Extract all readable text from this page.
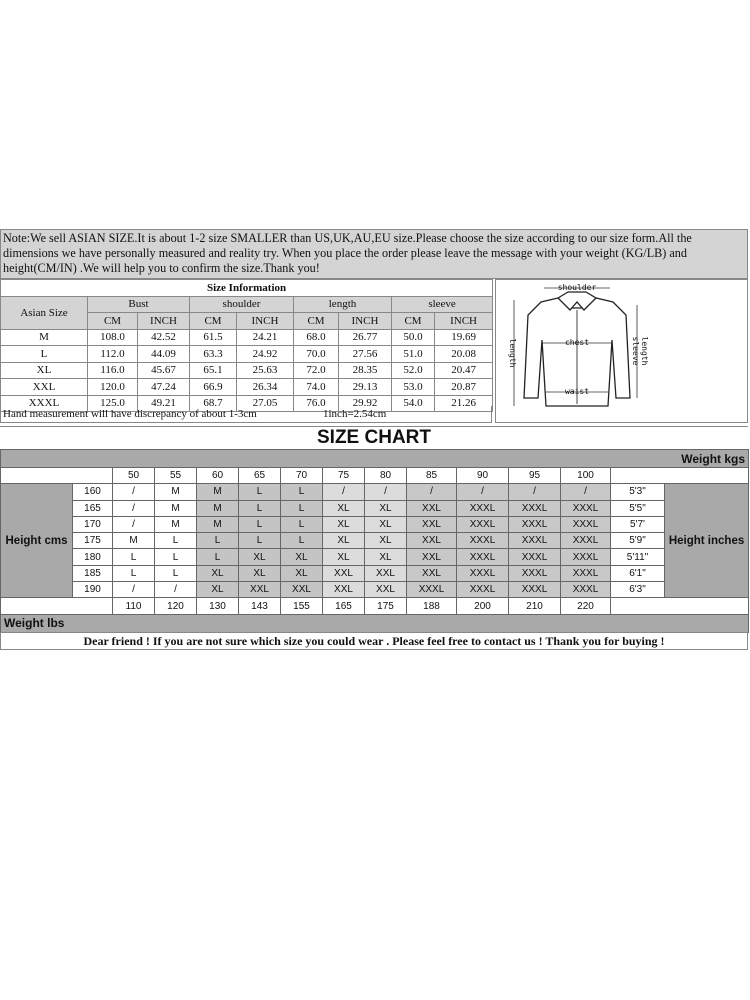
Note:We sell ASIAN SIZE.It is about 1-2 size SMALLER than US,UK,AU,EU size.Please choose the size according to our size form.All the dimensions we have personally measured and reality try. When you place the order please leave the message with your weight (KG/LB) and height(CM/IN) .We will help you to confirm the size.Thank you!
Size Information								
Asian Size	Bust		shoulder		length		sleeve	
	CM	INCH	CM	INCH	CM	INCH	CM	INCH
M	108.0	42.52	61.5	24.21	68.0	26.77	50.0	19.69
L	112.0	44.09	63.3	24.92	70.0	27.56	51.0	20.08
XL	116.0	45.67	65.1	25.63	72.0	28.35	52.0	20.47
XXL	120.0	47.24	66.9	26.34	74.0	29.13	53.0	20.87
XXXL	125.0	49.21	68.7	27.05	76.0	29.92	54.0	21.26
Hand measurement will have discrepancy of about 1-3cm	1inch=2.54cm
shoulder
chest
waist
length	sleeve length
SIZE CHART
Weight kgs														
		50	55	60	65	70	75	80	85	90	95	100		
Height cms	160	/	M	M	L	L	/	/	/	/	/	/	5'3"	Height inches
	165	/	M	M	L	L	XL	XL	XXL	XXXL	XXXL	XXXL	5'5"	
	170	/	M	M	L	L	XL	XL	XXL	XXXL	XXXL	XXXL	5'7'	
	175	M	L	L	L	L	XL	XL	XXL	XXXL	XXXL	XXXL	5'9"	
	180	L	L	L	XL	XL	XL	XL	XXL	XXXL	XXXL	XXXL	5'11"	
	185	L	L	XL	XL	XL	XXL	XXL	XXL	XXXL	XXXL	XXXL	6'1"	
	190	/	/	XL	XXL	XXL	XXL	XXL	XXXL	XXXL	XXXL	XXXL	6'3"	
		110	120	130	143	155	165	175	188	200	210	220		
Weight lbs														
Dear friend ! If you are not sure which size you could wear . Please feel free to contact us ! Thank you for buying !
